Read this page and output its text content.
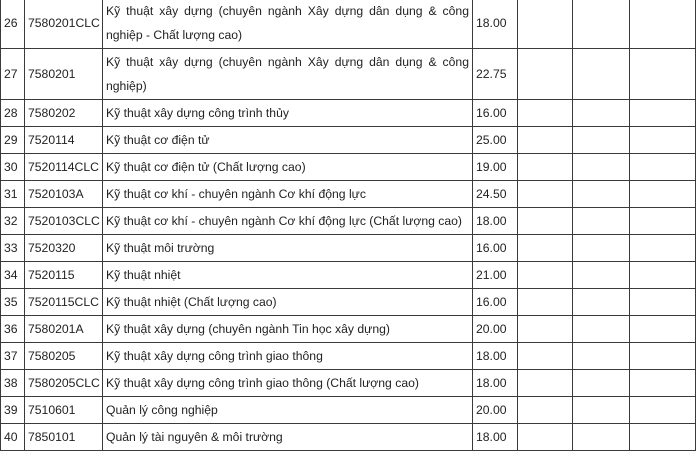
26	7580201CLC	Kỹ thuật xây dựng (chuyên ngành Xây dựng dân dụng & công nghiệp - Chất lượng cao)	18.00			
27	7580201	Kỹ thuật xây dựng (chuyên ngành Xây dựng dân dụng & công nghiệp)	22.75			
28	7580202	Kỹ thuật xây dựng công trình thủy	16.00			
29	7520114	Kỹ thuật cơ điện tử	25.00			
30	7520114CLC	Kỹ thuật cơ điện tử (Chất lượng cao)	19.00			
31	7520103A	Kỹ thuật cơ khí - chuyên ngành Cơ khí động lực	24.50			
32	7520103CLC	Kỹ thuật cơ khí - chuyên ngành Cơ khí động lực (Chất lượng cao)	18.00			
33	7520320	Kỹ thuật môi trường	16.00			
34	7520115	Kỹ thuật nhiệt	21.00			
35	7520115CLC	Kỹ thuật nhiệt (Chất lượng cao)	16.00			
36	7580201A	Kỹ thuật xây dựng (chuyên ngành Tin học xây dựng)	20.00			
37	7580205	Kỹ thuật xây dựng công trình giao thông	18.00			
38	7580205CLC	Kỹ thuật xây dựng công trình giao thông (Chất lượng cao)	18.00			
39	7510601	Quản lý công nghiệp	20.00			
40	7850101	Quản lý tài nguyên & môi trường	18.00			
